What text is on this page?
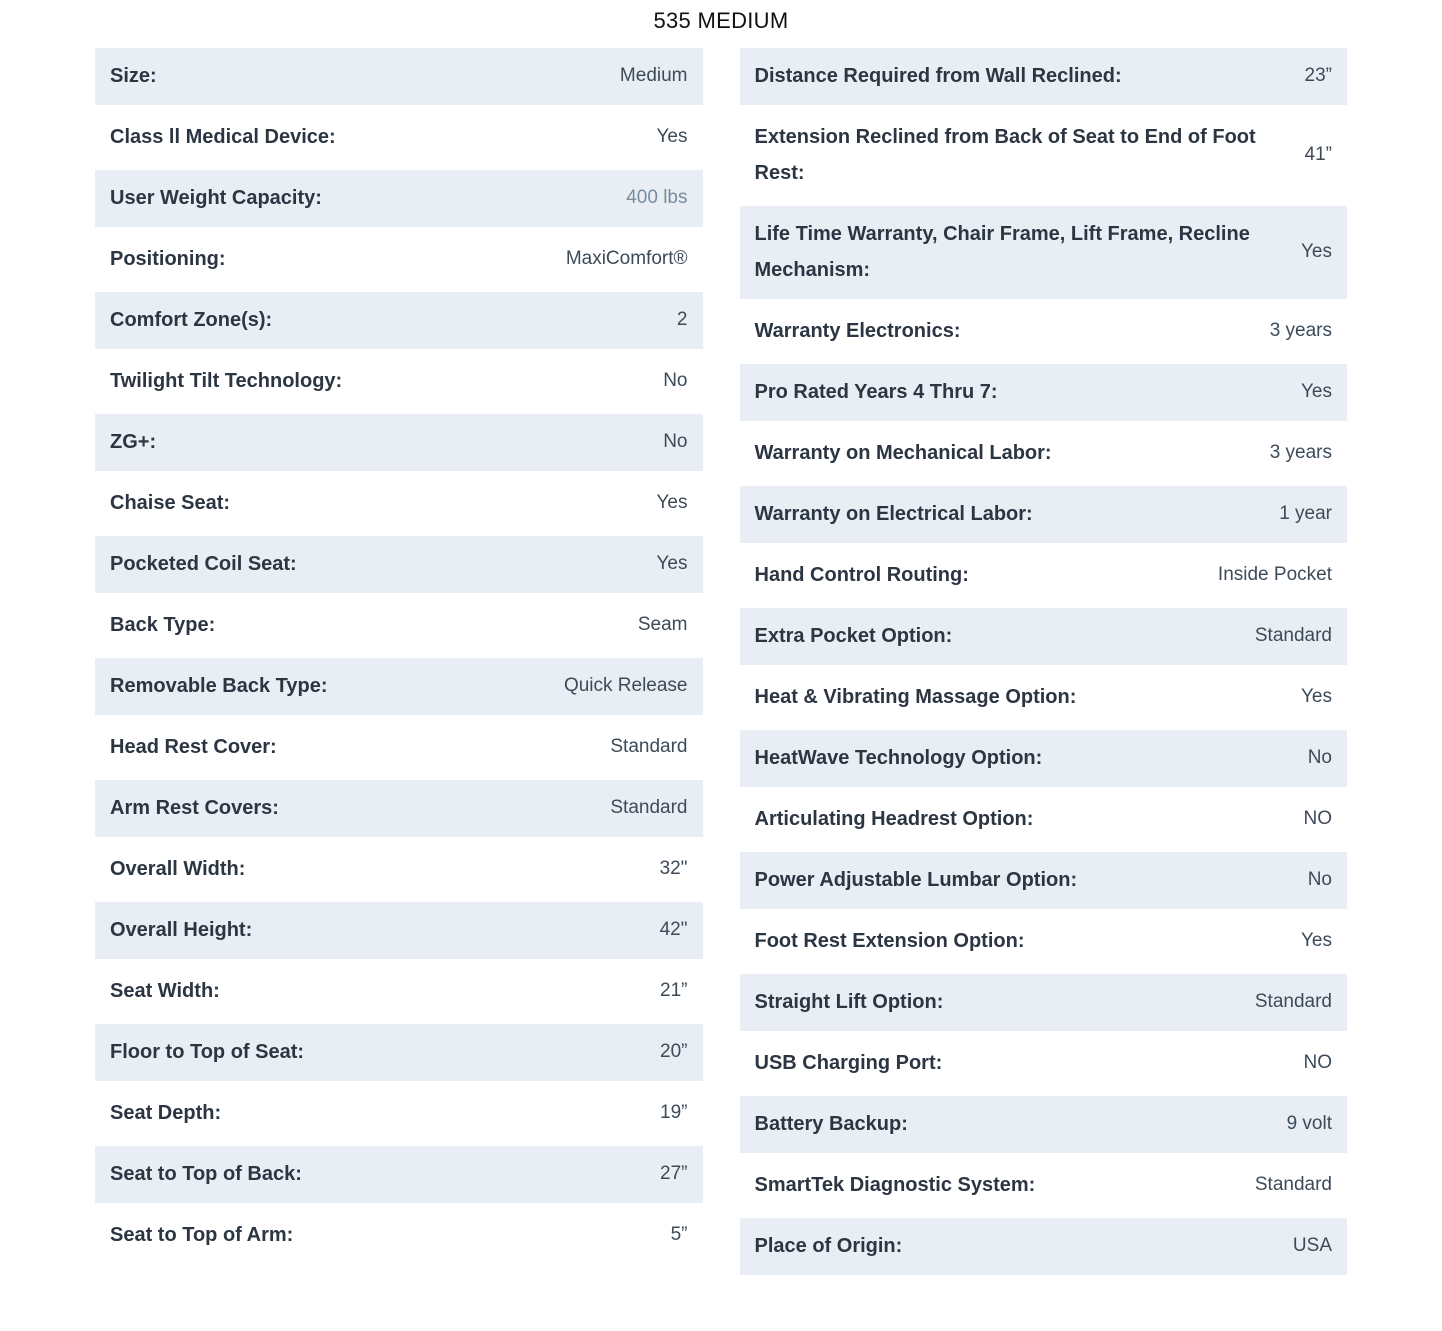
535 MEDIUM
Size:	Medium
Class ll Medical Device:	Yes
User Weight Capacity:	400 lbs
Positioning:	MaxiComfort®
Comfort Zone(s):	2
Twilight Tilt Technology:	No
ZG+:	No
Chaise Seat:	Yes
Pocketed Coil Seat:	Yes
Back Type:	Seam
Removable Back Type:	Quick Release
Head Rest Cover:	Standard
Arm Rest Covers:	Standard
Overall Width:	32"
Overall Height:	42"
Seat Width:	21”
Floor to Top of Seat:	20”
Seat Depth:	19”
Seat to Top of Back:	27”
Seat to Top of Arm:	5”
Distance Required from Wall Reclined:	23”
Extension Reclined from Back of Seat to End of Foot Rest:
41”
Life Time Warranty, Chair Frame, Lift Frame, Recline Mechanism:
Yes
Warranty Electronics:	3 years
Pro Rated Years 4 Thru 7:	Yes
Warranty on Mechanical Labor:	3 years
Warranty on Electrical Labor:	1 year
Hand Control Routing:	Inside Pocket
Extra Pocket Option:	Standard
Heat & Vibrating Massage Option:	Yes
HeatWave Technology Option:	No
Articulating Headrest Option:	NO
Power Adjustable Lumbar Option:	No
Foot Rest Extension Option:	Yes
Straight Lift Option:	Standard
USB Charging Port:	NO
Battery Backup:	9 volt
SmartTek Diagnostic System:	Standard
Place of Origin:	USA
